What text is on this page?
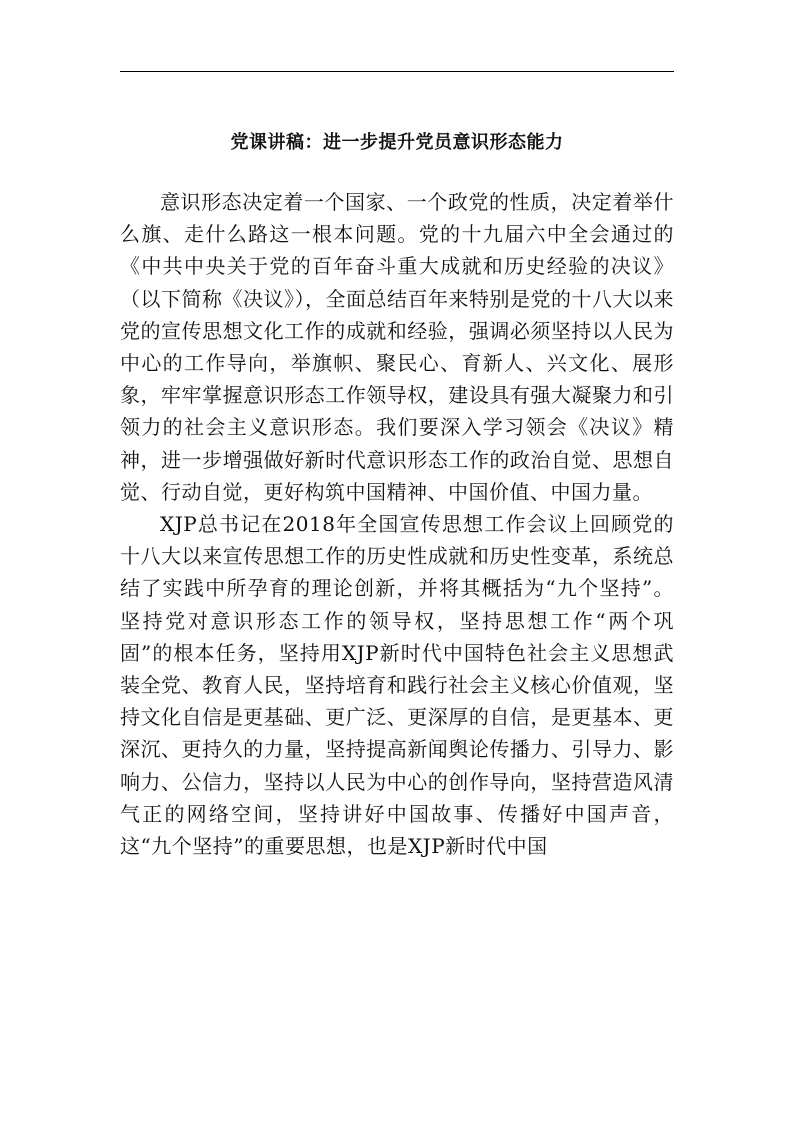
党课讲稿：进一步提升党员意识形态能力

意识形态决定着一个国家、一个政党的性质，决定着举什么旗、走什么路这一根本问题。党的十九届六中全会通过的《中共中央关于党的百年奋斗重大成就和历史经验的决议》（以下简称《决议》），全面总结百年来特别是党的十八大以来党的宣传思想文化工作的成就和经验，强调必须坚持以人民为中心的工作导向，举旗帜、聚民心、育新人、兴文化、展形象，牢牢掌握意识形态工作领导权，建设具有强大凝聚力和引领力的社会主义意识形态。我们要深入学习领会《决议》精神，进一步增强做好新时代意识形态工作的政治自觉、思想自觉、行动自觉，更好构筑中国精神、中国价值、中国力量。

XJP总书记在2018年全国宣传思想工作会议上回顾党的十八大以来宣传思想工作的历史性成就和历史性变革，系统总结了实践中所孕育的理论创新，并将其概括为“九个坚持”。坚持党对意识形态工作的领导权，坚持思想工作“两个巩固”的根本任务，坚持用XJP新时代中国特色社会主义思想武装全党、教育人民，坚持培育和践行社会主义核心价值观，坚持文化自信是更基础、更广泛、更深厚的自信，是更基本、更深沉、更持久的力量，坚持提高新闻舆论传播力、引导力、影响力、公信力，坚持以人民为中心的创作导向，坚持营造风清气正的网络空间，坚持讲好中国故事、传播好中国声音，这“九个坚持”的重要思想，也是XJP新时代中国
